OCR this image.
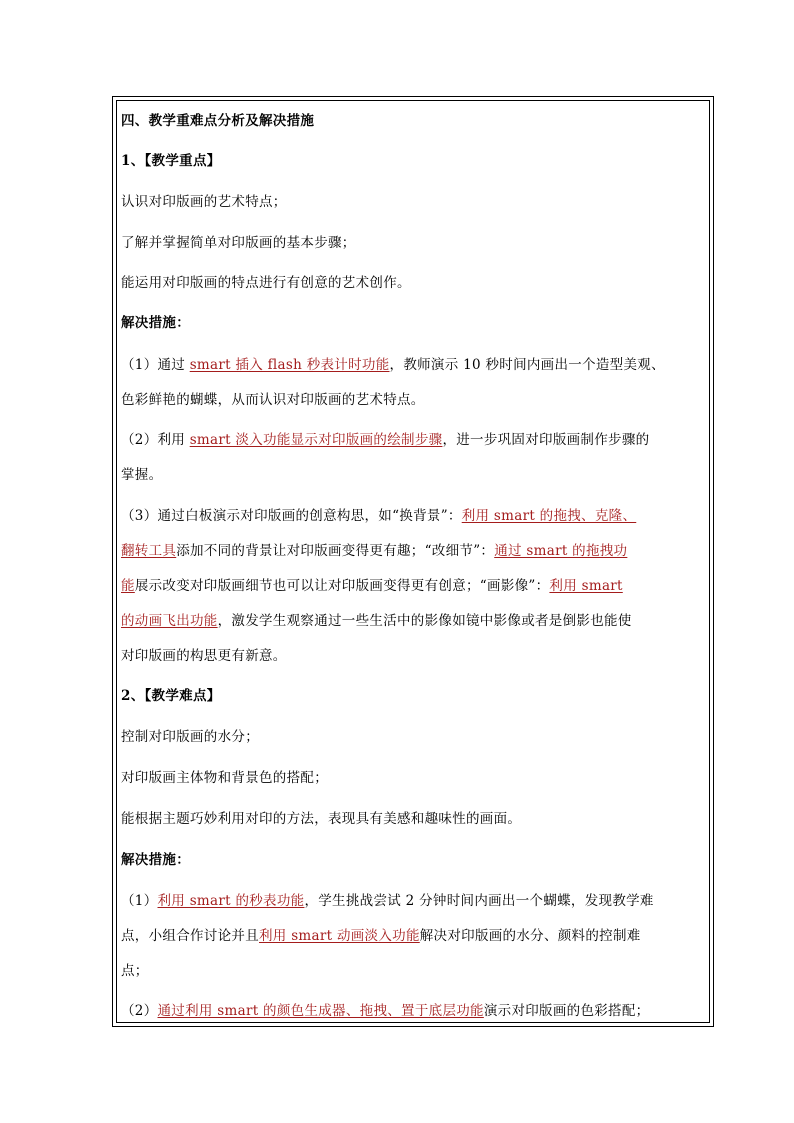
四、教学重难点分析及解决措施
1、【教学重点】
认识对印版画的艺术特点；
了解并掌握简单对印版画的基本步骤；
能运用对印版画的特点进行有创意的艺术创作。
解决措施：
（1）通过 smart 插入 flash 秒表计时功能，教师演示 10 秒时间内画出一个造型美观、
色彩鲜艳的蝴蝶，从而认识对印版画的艺术特点。
（2）利用 smart 淡入功能显示对印版画的绘制步骤，进一步巩固对印版画制作步骤的
掌握。
（3）通过白板演示对印版画的创意构思，如“换背景”：利用 smart 的拖拽、克隆、
翻转工具添加不同的背景让对印版画变得更有趣；“改细节”：通过 smart 的拖拽功
能展示改变对印版画细节也可以让对印版画变得更有创意；“画影像”：利用 smart
的动画飞出功能，激发学生观察通过一些生活中的影像如镜中影像或者是倒影也能使
对印版画的构思更有新意。
2、【教学难点】
控制对印版画的水分；
对印版画主体物和背景色的搭配；
能根据主题巧妙利用对印的方法，表现具有美感和趣味性的画面。
解决措施：
（1）利用 smart 的秒表功能，学生挑战尝试 2 分钟时间内画出一个蝴蝶，发现教学难
点，小组合作讨论并且利用 smart 动画淡入功能解决对印版画的水分、颜料的控制难
点；
（2）通过利用 smart 的颜色生成器、拖拽、置于底层功能演示对印版画的色彩搭配；
